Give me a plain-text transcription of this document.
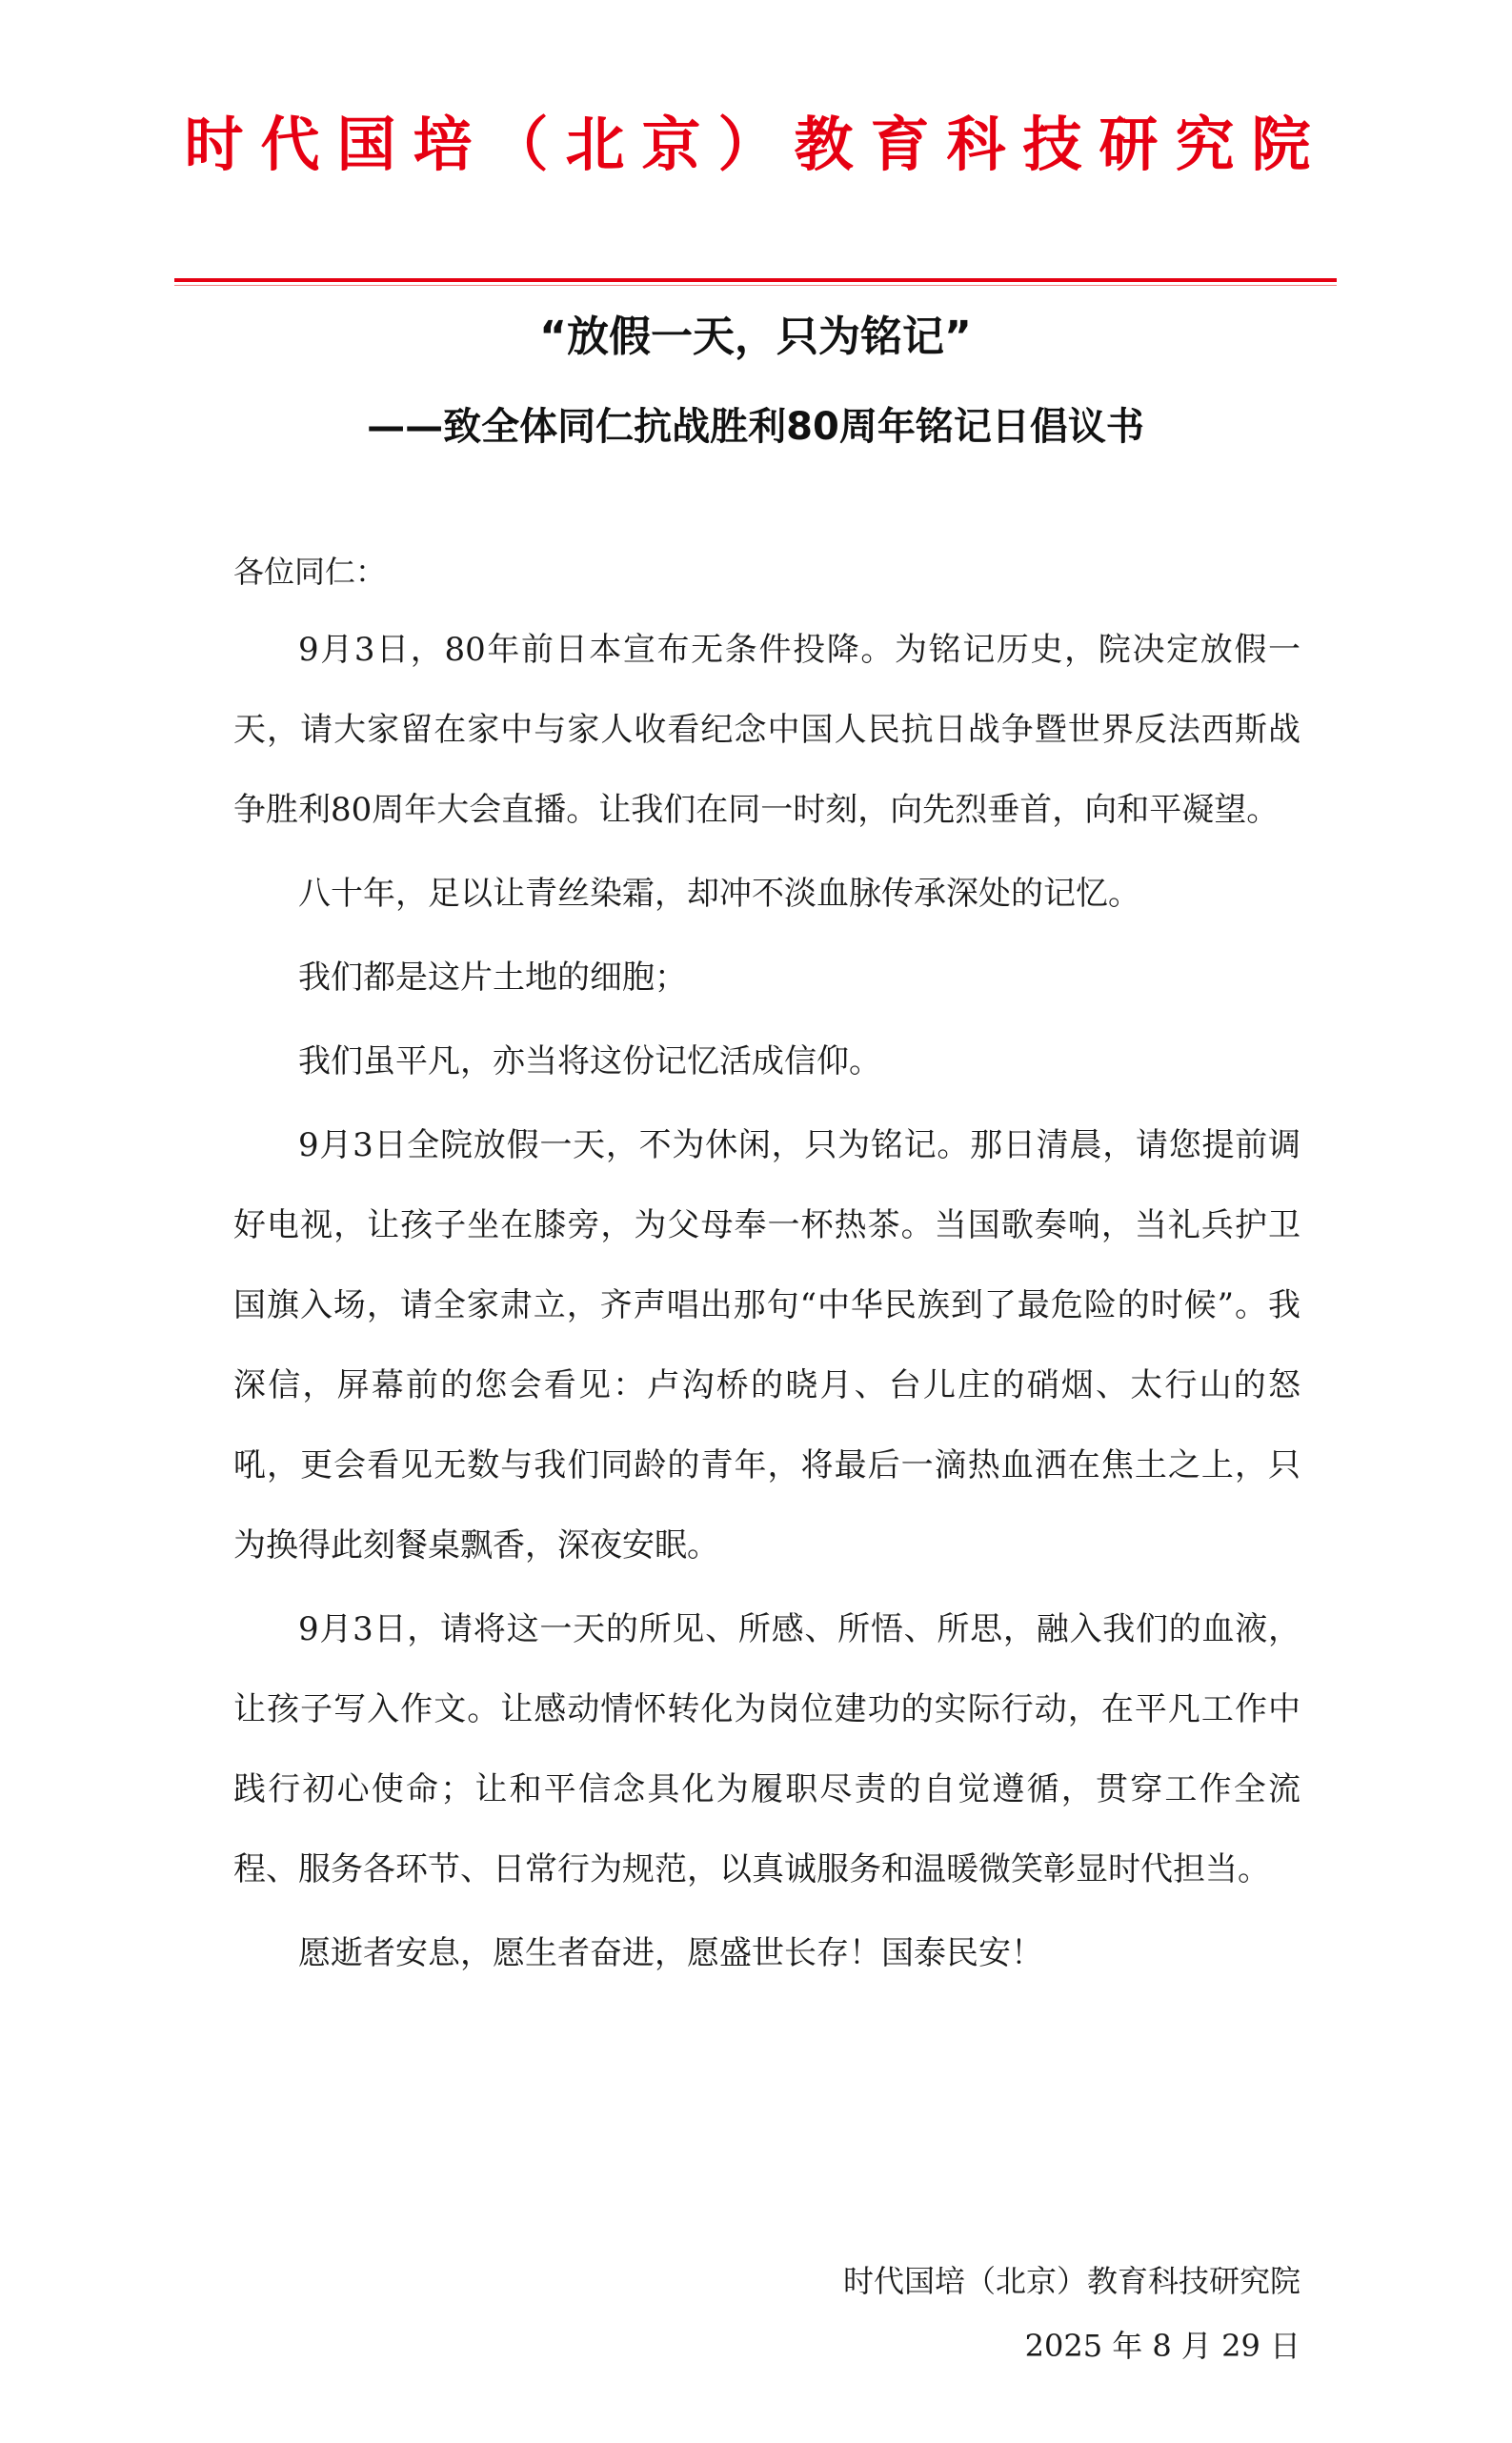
时代国培（北京）教育科技研究院
“放假一天，只为铭记”
——致全体同仁抗战胜利80周年铭记日倡议书
各位同仁：

9月3日，80年前日本宣布无条件投降。为铭记历史，院决定放假一天，请大家留在家中与家人收看纪念中国人民抗日战争暨世界反法西斯战争胜利80周年大会直播。让我们在同一时刻，向先烈垂首，向和平凝望。

八十年，足以让青丝染霜，却冲不淡血脉传承深处的记忆。

我们都是这片土地的细胞；

我们虽平凡，亦当将这份记忆活成信仰。

9月3日全院放假一天，不为休闲，只为铭记。那日清晨，请您提前调好电视，让孩子坐在膝旁，为父母奉一杯热茶。当国歌奏响，当礼兵护卫国旗入场，请全家肃立，齐声唱出那句“中华民族到了最危险的时候”。我深信，屏幕前的您会看见：卢沟桥的晓月、台儿庄的硝烟、太行山的怒吼，更会看见无数与我们同龄的青年，将最后一滴热血洒在焦土之上，只为换得此刻餐桌飘香，深夜安眠。

9月3日，请将这一天的所见、所感、所悟、所思，融入我们的血液，让孩子写入作文。让感动情怀转化为岗位建功的实际行动，在平凡工作中践行初心使命；让和平信念具化为履职尽责的自觉遵循，贯穿工作全流程、服务各环节、日常行为规范，以真诚服务和温暖微笑彰显时代担当。

愿逝者安息，愿生者奋进，愿盛世长存！国泰民安！

时代国培（北京）教育科技研究院
2025 年 8 月 29 日
